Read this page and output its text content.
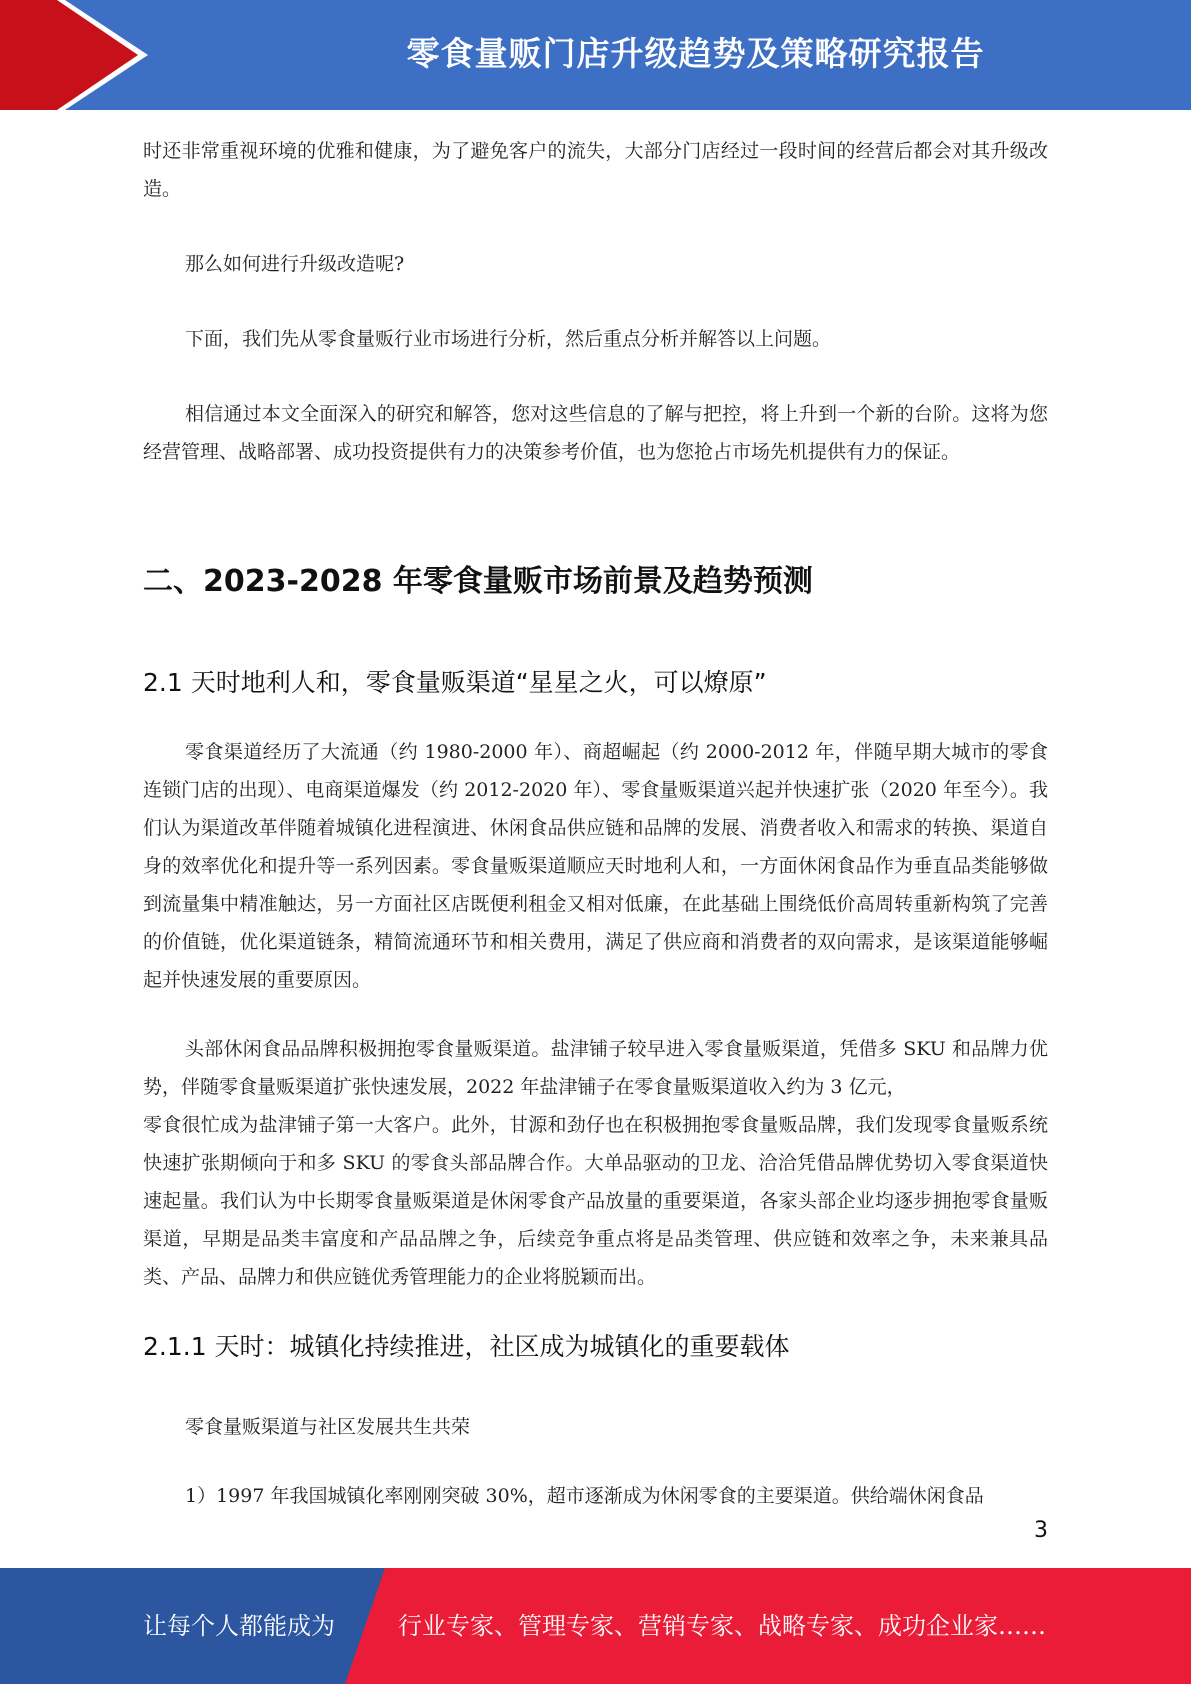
零食量贩门店升级趋势及策略研究报告

时还非常重视环境的优雅和健康，为了避免客户的流失，大部分门店经过一段时间的经营后都会对其升级改造。

那么如何进行升级改造呢?

下面，我们先从零食量贩行业市场进行分析，然后重点分析并解答以上问题。

相信通过本文全面深入的研究和解答，您对这些信息的了解与把控，将上升到一个新的台阶。这将为您经营管理、战略部署、成功投资提供有力的决策参考价值，也为您抢占市场先机提供有力的保证。

二、2023-2028 年零食量贩市场前景及趋势预测
2.1 天时地利人和，零食量贩渠道“星星之火，可以燎原”

零食渠道经历了大流通（约 1980-2000 年）、商超崛起（约 2000-2012 年，伴随早期大城市的零食连锁门店的出现）、电商渠道爆发（约 2012-2020 年）、零食量贩渠道兴起并快速扩张（2020 年至今）。我们认为渠道改革伴随着城镇化进程演进、休闲食品供应链和品牌的发展、消费者收入和需求的转换、渠道自身的效率优化和提升等一系列因素。零食量贩渠道顺应天时地利人和，一方面休闲食品作为垂直品类能够做到流量集中精准触达，另一方面社区店既便利租金又相对低廉，在此基础上围绕低价高周转重新构筑了完善的价值链，优化渠道链条，精简流通环节和相关费用，满足了供应商和消费者的双向需求，是该渠道能够崛起并快速发展的重要原因。

头部休闲食品品牌积极拥抱零食量贩渠道。盐津铺子较早进入零食量贩渠道，凭借多 SKU 和品牌力优势，伴随零食量贩渠道扩张快速发展，2022 年盐津铺子在零食量贩渠道收入约为 3 亿元，

零食很忙成为盐津铺子第一大客户。此外，甘源和劲仔也在积极拥抱零食量贩品牌，我们发现零食量贩系统快速扩张期倾向于和多 SKU 的零食头部品牌合作。大单品驱动的卫龙、洽洽凭借品牌优势切入零食渠道快速起量。我们认为中长期零食量贩渠道是休闲零食产品放量的重要渠道，各家头部企业均逐步拥抱零食量贩渠道，早期是品类丰富度和产品品牌之争，后续竞争重点将是品类管理、供应链和效率之争，未来兼具品类、产品、品牌力和供应链优秀管理能力的企业将脱颖而出。

2.1.1 天时：城镇化持续推进，社区成为城镇化的重要载体

零食量贩渠道与社区发展共生共荣

1）1997 年我国城镇化率刚刚突破 30%，超市逐渐成为休闲零食的主要渠道。供给端休闲食品

3
让每个人都能成为	行业专家、管理专家、营销专家、战略专家、成功企业家……
